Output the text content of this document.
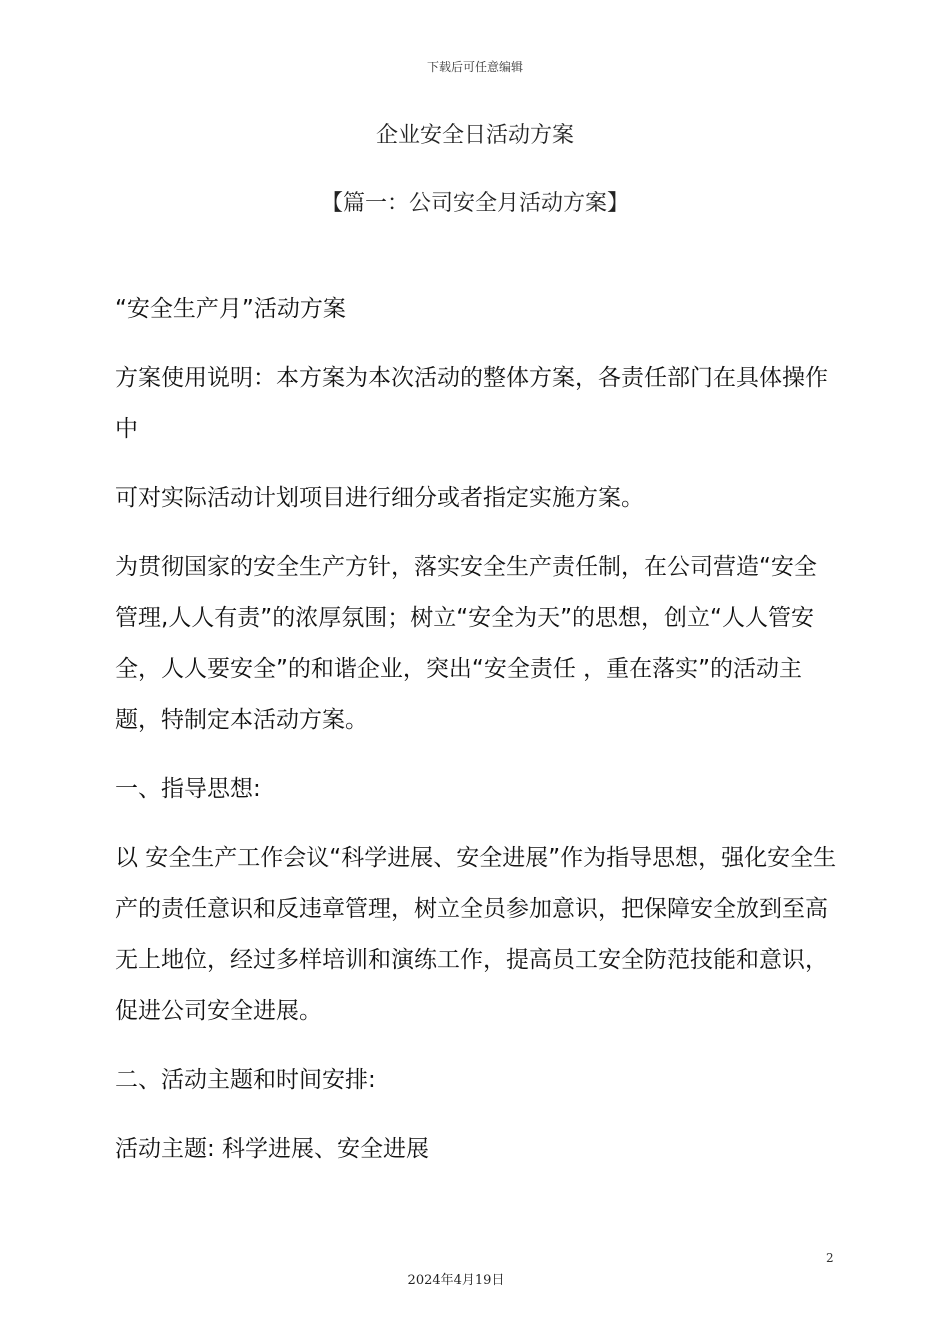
下载后可任意编辑
企业安全日活动方案
【篇一：公司安全月活动方案】

“安全生产月”活动方案

方案使用说明：本方案为本次活动的整体方案，各责任部门在具体操作中

可对实际活动计划项目进行细分或者指定实施方案。

为贯彻国家的安全生产方针，落实安全生产责任制，在公司营造“安全管理,人人有责”的浓厚氛围；树立“安全为天”的思想，创立“人人管安全，人人要安全”的和谐企业，突出“安全责任 ，重在落实”的活动主题，特制定本活动方案。

一、指导思想:

以 安全生产工作会议“科学进展、安全进展”作为指导思想，强化安全生产的责任意识和反违章管理，树立全员参加意识，把保障安全放到至高无上地位，经过多样培训和演练工作，提高员工安全防范技能和意识，促进公司安全进展。

二、活动主题和时间安排:

活动主题: 科学进展、安全进展

2
2024年4月19日
